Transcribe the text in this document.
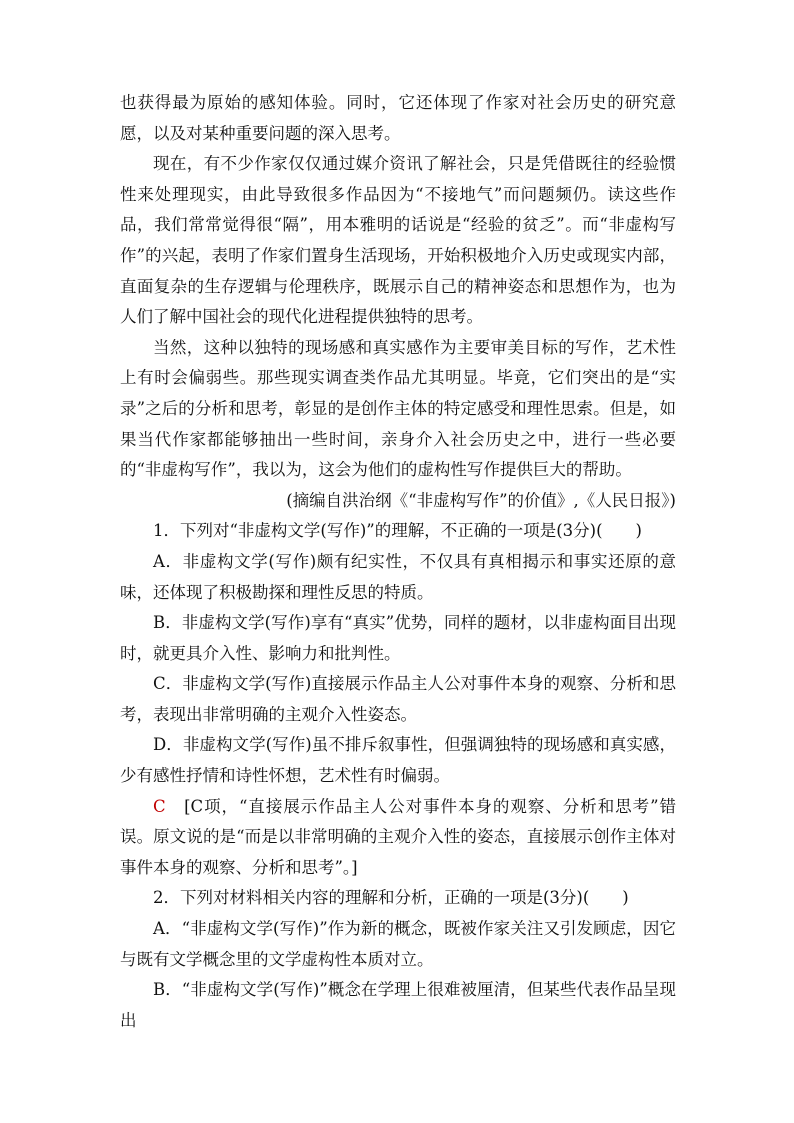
也获得最为原始的感知体验。同时，它还体现了作家对社会历史的研究意愿，以及对某种重要问题的深入思考。

现在，有不少作家仅仅通过媒介资讯了解社会，只是凭借既往的经验惯性来处理现实，由此导致很多作品因为“不接地气”而问题频仍。读这些作品，我们常常觉得很“隔”，用本雅明的话说是“经验的贫乏”。而“非虚构写作”的兴起，表明了作家们置身生活现场，开始积极地介入历史或现实内部，直面复杂的生存逻辑与伦理秩序，既展示自己的精神姿态和思想作为，也为人们了解中国社会的现代化进程提供独特的思考。

当然，这种以独特的现场感和真实感作为主要审美目标的写作，艺术性上有时会偏弱些。那些现实调查类作品尤其明显。毕竟，它们突出的是“实录”之后的分析和思考，彰显的是创作主体的特定感受和理性思索。但是，如果当代作家都能够抽出一些时间，亲身介入社会历史之中，进行一些必要的“非虚构写作”，我以为，这会为他们的虚构性写作提供巨大的帮助。

(摘编自洪治纲《“非虚构写作”的价值》,《人民日报》)

1．下列对“非虚构文学(写作)”的理解，不正确的一项是(3分)(　　)

A．非虚构文学(写作)颇有纪实性，不仅具有真相揭示和事实还原的意味，还体现了积极勘探和理性反思的特质。

B．非虚构文学(写作)享有“真实”优势，同样的题材，以非虚构面目出现时，就更具介入性、影响力和批判性。

C．非虚构文学(写作)直接展示作品主人公对事件本身的观察、分析和思考，表现出非常明确的主观介入性姿态。

D．非虚构文学(写作)虽不排斥叙事性，但强调独特的现场感和真实感，少有感性抒情和诗性怀想，艺术性有时偏弱。

C　 [C项，“直接展示作品主人公对事件本身的观察、分析和思考”错误。原文说的是“而是以非常明确的主观介入性的姿态，直接展示创作主体对事件本身的观察、分析和思考”。]

2．下列对材料相关内容的理解和分析，正确的一项是(3分)(　　)

A．“非虚构文学(写作)”作为新的概念，既被作家关注又引发顾虑，因它与既有文学概念里的文学虚构性本质对立。

B．“非虚构文学(写作)”概念在学理上很难被厘清，但某些代表作品呈现出
